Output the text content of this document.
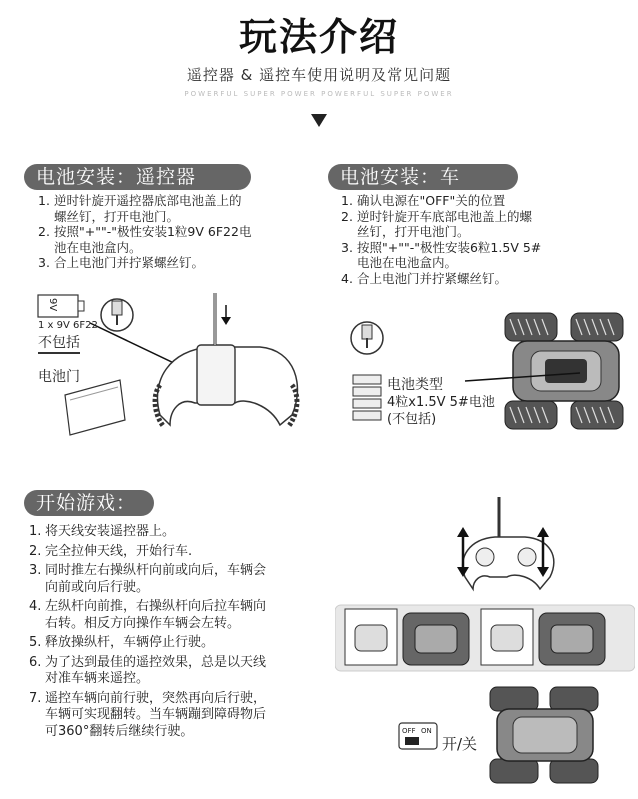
玩法介绍
遥控器 & 遥控车使用说明及常见问题
POWERFUL SUPER POWER POWERFUL SUPER POWER
电池安装：遥控器
1. 逆时针旋开遥控器底部电池盖上的
螺丝钉，打开电池门。
2. 按照"+""-"极性安装1粒9V 6F22电
池在电池盒内。
3. 合上电池门并拧紧螺丝钉。
9V
1 x 9V 6F22
不包括
电池门
电池安装：车
1. 确认电源在"OFF"关的位置
2. 逆时针旋开车底部电池盖上的螺
丝钉，打开电池门。
3. 按照"+""-"极性安装6粒1.5V 5#
电池在电池盒内。
4. 合上电池门并拧紧螺丝钉。
电池类型
4粒x1.5V 5#电池
(不包括)
开始游戏：
1. 将天线安装遥控器上。
2. 完全拉伸天线，开始行车.
3. 同时推左右操纵杆向前或向后，车辆会
向前或向后行驶。
4. 左纵杆向前推，右操纵杆向后拉车辆向
右转。相反方向操作车辆会左转。
5. 释放操纵杆，车辆停止行驶。
6. 为了达到最佳的遥控效果，总是以天线
对准车辆来遥控。
7. 遥控车辆向前行驶，突然再向后行驶，
车辆可实现翻转。当车辆蹦到障碍物后
可360°翻转后继续行驶。	OFF ON
开/关
